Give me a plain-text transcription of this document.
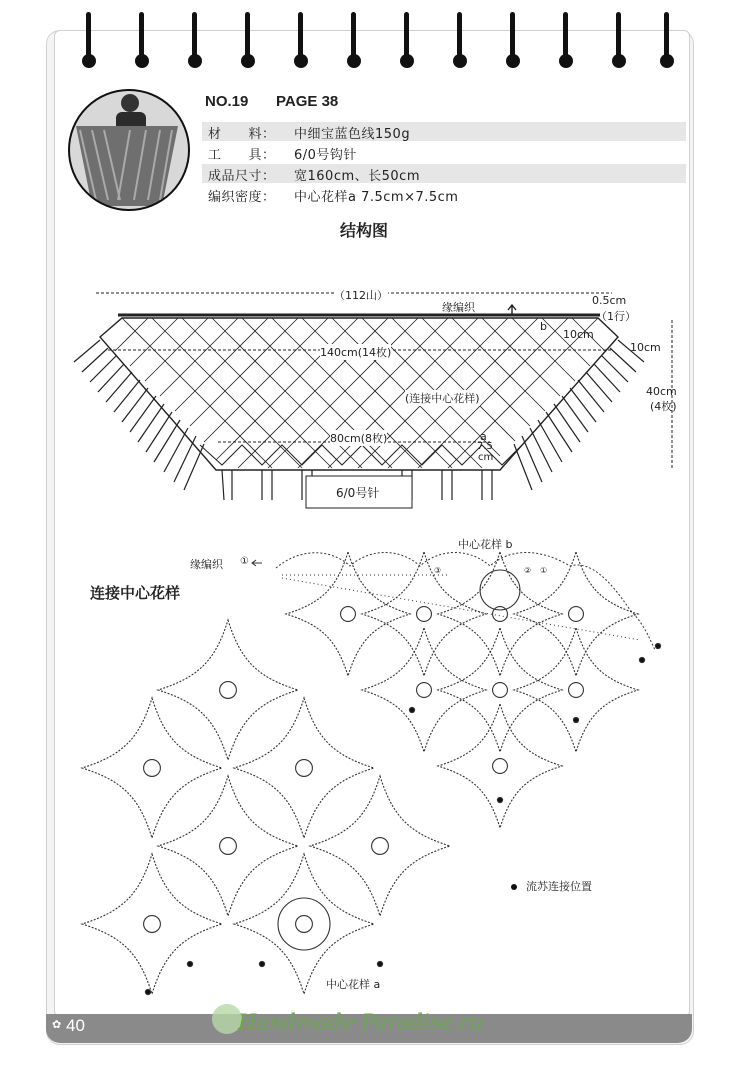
NO.19 PAGE 38
材　　料： 中细宝蓝色线150g
工　　具： 6/0号钩针
成品尺寸： 宽160cm、长50cm
编织密度： 中心花样a 7.5cm×7.5cm
结构图
（112山）
缘编织
0.5cm
（1行）
b
10cm
10cm
140cm(14枚)
(连接中心花样)
80cm(8枚)	a
7.5
cm
40cm
(4枚)
6/0号针
缘编织 ①
中心花样 b
③	② ①
连接中心花样
流苏连接位置
中心花样 a
✿ 40	Handmade-Paradise.ru
